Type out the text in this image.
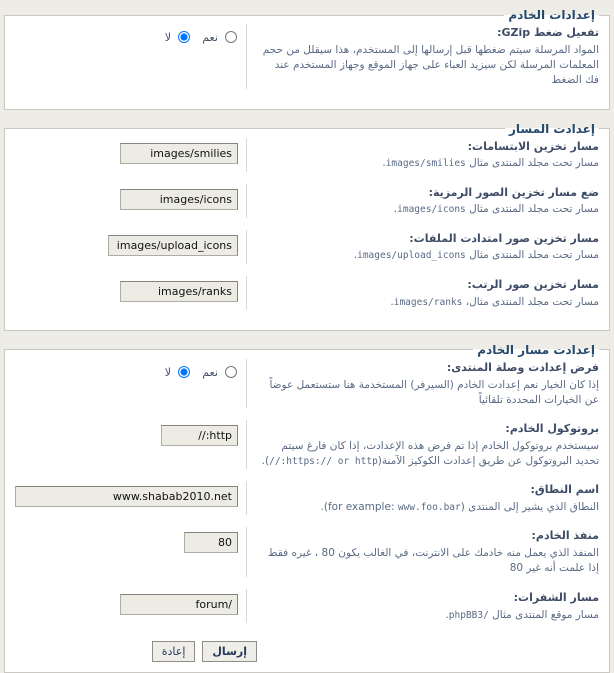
إعدادات الخادم
تفعيل ضغط GZip:
المواد المرسلة سيتم ضغطها قبل إرسالها إلى المستخدم، هذا سيقلل من حجم المعلمات المرسلة لكن سيزيد العباء على جهاز الموقع وجهاز المستخدم عند فك الضغط
نعم  لا
إعدادت المسار
مسار تخزين الابتسامات:
مسار تحت مجلد المنتدى مثال images/smilies.
images/smilies
ضع مسار تخزين الصور الرمزية:
مسار تحت مجلد المنتدى مثال images/icons.
images/icons
مسار تخزين صور امتدادت الملفات:
مسار تحت مجلد المنتدى مثال images/upload_icons.
images/upload_icons
مسار تخزين صور الرتب:
مسار تحت مجلد المنتدى مثال، images/ranks.
images/ranks
إعدادت مسار الخادم
فرض إعدادت وصلة المنتدى:
إذا كان الخيار نعم إعدادت الخادم (السيرفر) المستخدمة هنا ستستعمل عوضاً عن الخيارات المحددة تلقائياً
نعم  لا
بروتوكول الخادم:
سيستخدم بروتوكول الخادم إذا تم فرض هذه الإعدادت، إذا كان فارغ سيتم تحديد البروتوكول عن طريق إعدادت الكوكيز الآمنة(https:// or http://).
http://
اسم النطاق:
النطاق الذي يشير إلى المنتدى (for example: www.foo.bar).
www.shabab2010.net
منفذ الخادم:
المنفذ الذي يعمل منه خادمك على الانترنت، في الغالب يكون 80 ، غيره فقط إذا علمت أنه غير 80
80
مسار الشفرات:
مسار موقع المنتدى مثال /phpBB3.
/forum
إرسال
إعادة
